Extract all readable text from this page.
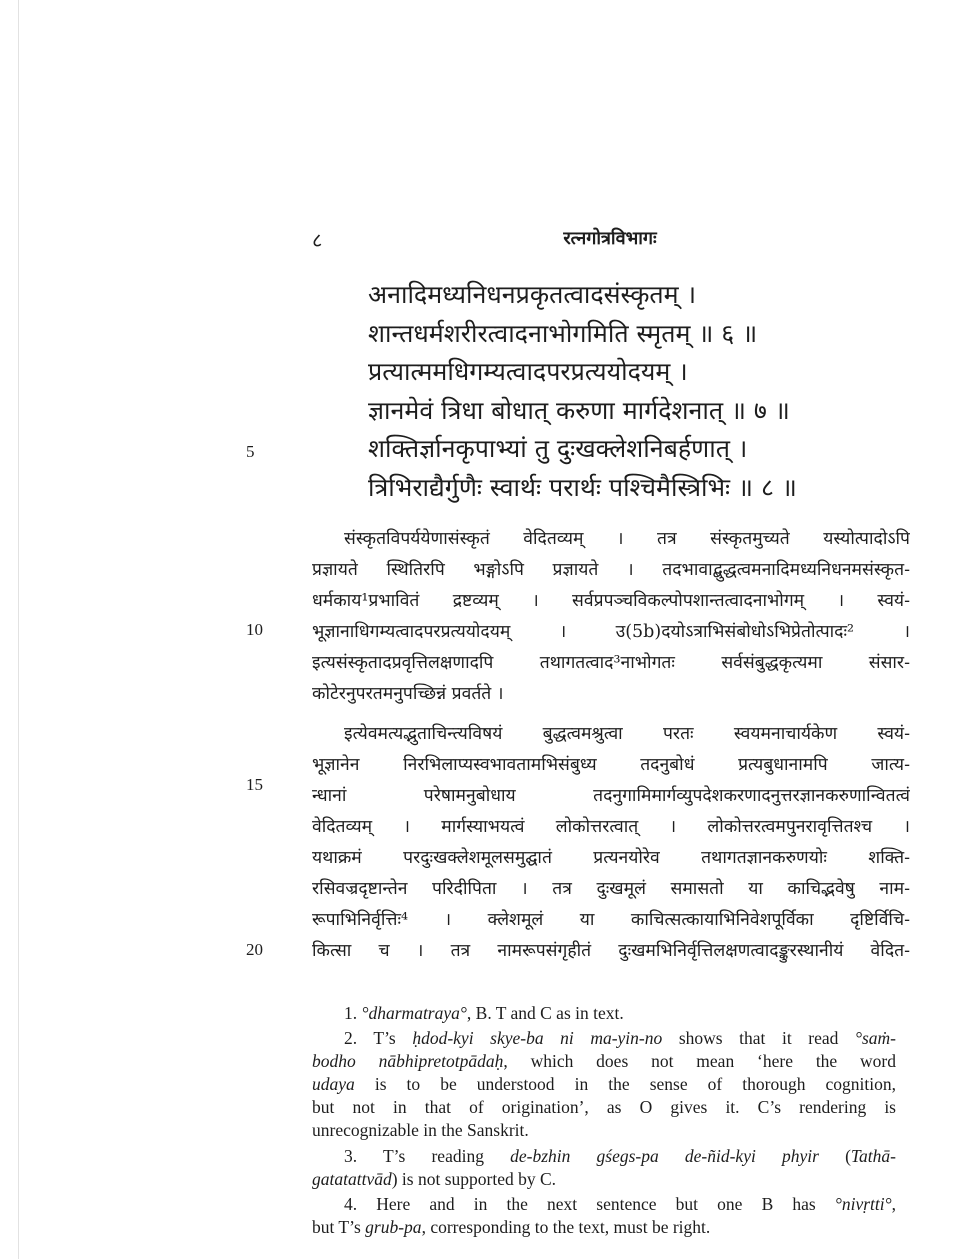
८	रत्नगोत्रविभागः
अनादिमध्यनिधनप्रकृतत्वादसंस्कृतम् ।
शान्तधर्मशरीरत्वादनाभोगमिति स्मृतम् ॥ ६ ॥
प्रत्यात्ममधिगम्यत्वादपरप्रत्ययोदयम् ।
ज्ञानमेवं त्रिधा बोधात् करुणा मार्गदेशनात् ॥ ७ ॥
शक्तिर्ज्ञानकृपाभ्यां तु दुःखक्लेशनिबर्हणात् ।
त्रिभिराद्यैर्गुणैः स्वार्थः परार्थः पश्चिमैस्त्रिभिः ॥ ८ ॥
संस्कृतविपर्ययेणासंस्कृतं वेदितव्यम् । तत्र संस्कृतमुच्यते यस्योत्पादोऽपि
प्रज्ञायते स्थितिरपि भङ्गोऽपि प्रज्ञायते । तदभावाद्बुद्धत्वमनादिमध्यनिधनमसंस्कृत-
धर्मकाय¹प्रभावितं द्रष्टव्यम् । सर्वप्रपञ्चविकल्पोपशान्तत्वादनाभोगम् । स्वयं-
भूज्ञानाधिगम्यत्वादपरप्रत्ययोदयम् । उ(5b)दयोऽत्राभिसंबोधोऽभिप्रेतोत्पादः² ।
इत्यसंस्कृतादप्रवृत्तिलक्षणादपि तथागतत्वाद³नाभोगतः सर्वसंबुद्धकृत्यमा संसार-
कोटेरनुपरतमनुपच्छिन्नं प्रवर्तते ।
इत्येवमत्यद्भुताचिन्त्यविषयं बुद्धत्वमश्रुत्वा परतः स्वयमनाचार्यकेण स्वयं-
भूज्ञानेन निरभिलाप्यस्वभावतामभिसंबुध्य तदनुबोधं प्रत्यबुधानामपि जात्य-
न्धानां परेषामनुबोधाय तदनुगामिमार्गव्युपदेशकरणादनुत्तरज्ञानकरुणान्वितत्वं
वेदितव्यम् । मार्गस्याभयत्वं लोकोत्तरत्वात् । लोकोत्तरत्वमपुनरावृत्तितश्च ।
यथाक्रमं परदुःखक्लेशमूलसमुद्घातं प्रत्यनयोरेव तथागतज्ञानकरुणयोः शक्ति-
रसिवज्रदृष्टान्तेन परिदीपिता । तत्र दुःखमूलं समासतो या काचिद्भवेषु नाम-
रूपाभिनिर्वृत्तिः⁴ । क्लेशमूलं या काचित्सत्कायाभिनिवेशपूर्विका दृष्टिर्विचि-
कित्सा च । तत्र नामरूपसंगृहीतं दुःखमभिनिर्वृत्तिलक्षणत्वादङ्कुरस्थानीयं वेदित-
5
10
15
20
1. °dharmatraya°, B. T and C as in text.
2. T’s ḥdod-kyi skye-ba ni ma-yin-no shows that it read °saṁ-
bodho nābhipretotpādaḥ, which does not mean ‘here the word
udaya is to be understood in the sense of thorough cognition,
but not in that of origination’, as O gives it. C’s rendering is
unrecognizable in the Sanskrit.
3. T’s reading de-bzhin gśegs-pa de-ñid-kyi phyir (Tathā-
gatatattvād) is not supported by C.
4. Here and in the next sentence but one B has °nivṛtti°,
but T’s grub-pa, corresponding to the text, must be right.
